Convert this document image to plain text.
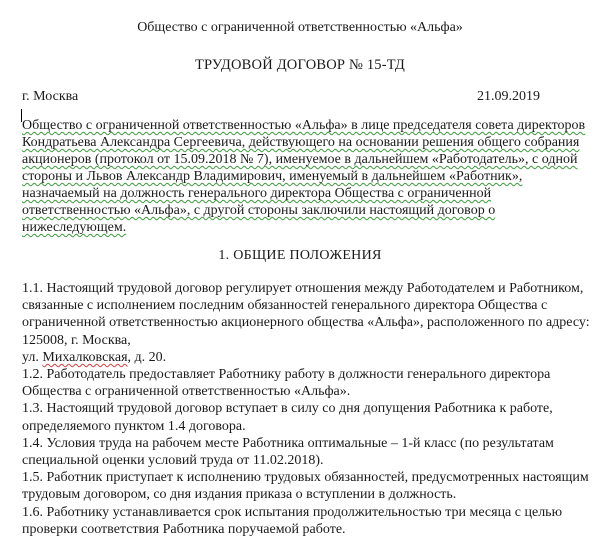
Общество с ограниченной ответственностью «Альфа»
ТРУДОВОЙ ДОГОВОР № 15-ТД
г. Москва	21.09.2019
Общество с ограниченной ответственностью «Альфа» в лице председателя совета директоров
Кондратьева Александра Сергеевича, действующего на основании решения общего собрания
акционеров (протокол от 15.09.2018 № 7), именуемое в дальнейшем «Работодатель», с одной
стороны и Львов Александр Владимирович, именуемый в дальнейшем «Работник»,
назначаемый на должность генерального директора Общества с ограниченной
ответственностью «Альфа», с другой стороны заключили настоящий договор о
нижеследующем.
1. ОБЩИЕ ПОЛОЖЕНИЯ
1.1. Настоящий трудовой договор регулирует отношения между Работодателем и Работником,
связанные с исполнением последним обязанностей генерального директора Общества с
ограниченной ответственностью акционерного общества «Альфа», расположенного по адресу:
125008, г. Москва,
ул. Михалковская, д. 20.
1.2. Работодатель предоставляет Работнику работу в должности генерального директора
Общества с ограниченной ответственностью «Альфа».
1.3. Настоящий трудовой договор вступает в силу со дня допущения Работника к работе,
определяемого пунктом 1.4 договора.
1.4. Условия труда на рабочем месте Работника оптимальные – 1-й класс (по результатам
специальной оценки условий труда от 11.02.2018).
1.5. Работник приступает к исполнению трудовых обязанностей, предусмотренных настоящим
трудовым договором, со дня издания приказа о вступлении в должность.
1.6. Работнику устанавливается срок испытания продолжительностью три месяца с целью
проверки соответствия Работника поручаемой работе.
